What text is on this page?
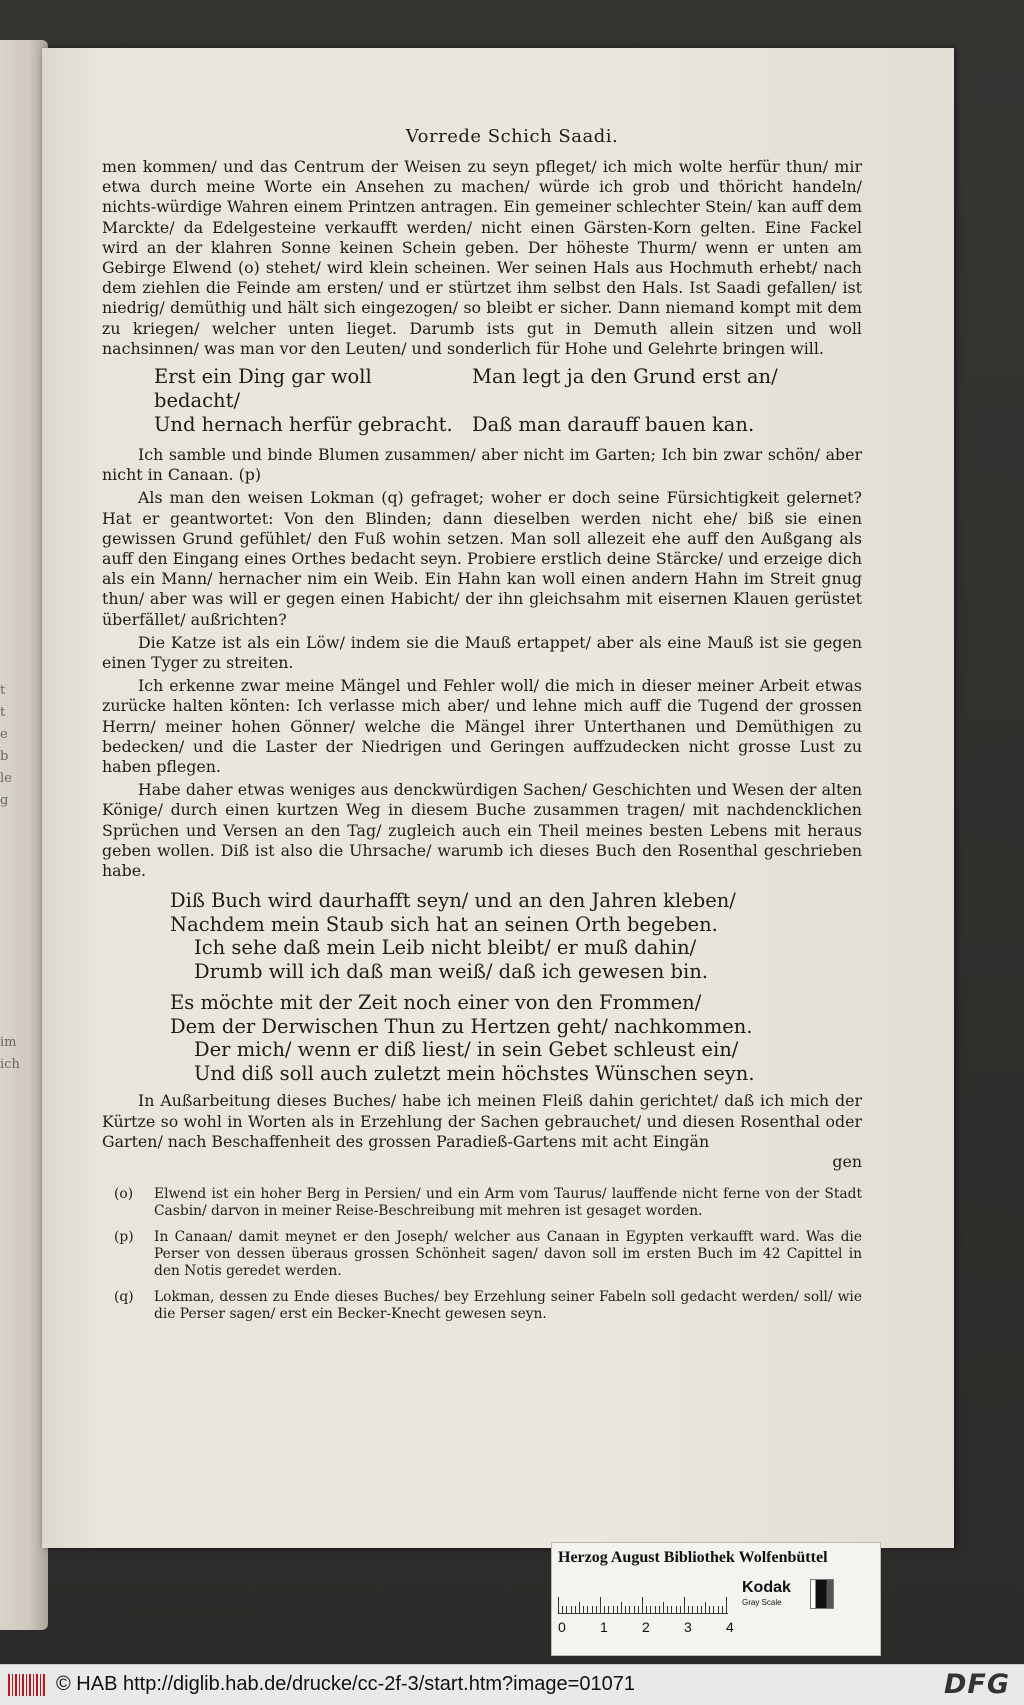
t
t
e
b
le
g
im
ich
Vorrede Schich Saadi.

men kommen/ und das Centrum der Weisen zu seyn pfleget/ ich mich wolte herfür thun/ mir etwa durch meine Worte ein Ansehen zu machen/ würde ich grob und thöricht handeln/ nichts-würdige Wahren einem Printzen antragen. Ein gemeiner schlechter Stein/ kan auff dem Marckte/ da Edelgesteine verkaufft werden/ nicht einen Gärsten-Korn gelten. Eine Fackel wird an der klahren Sonne keinen Schein geben. Der höheste Thurm/ wenn er unten am Gebirge Elwend (o) stehet/ wird klein scheinen. Wer seinen Hals aus Hochmuth erhebt/ nach dem ziehlen die Feinde am ersten/ und er stürtzet ihm selbst den Hals. Ist Saadi gefallen/ ist niedrig/ demüthig und hält sich eingezogen/ so bleibt er sicher. Dann niemand kompt mit dem zu kriegen/ welcher unten lieget. Darumb ists gut in Demuth allein sitzen und woll nachsinnen/ was man vor den Leuten/ und sonderlich für Hohe und Gelehrte bringen will.

Erst ein Ding gar woll bedacht/
Man legt ja den Grund erst an/
Und hernach herfür gebracht. Daß man darauff bauen kan.

Ich samble und binde Blumen zusammen/ aber nicht im Garten; Ich bin zwar schön/ aber nicht in Canaan. (p)

Als man den weisen Lokman (q) gefraget; woher er doch seine Fürsichtigkeit gelernet? Hat er geantwortet: Von den Blinden; dann dieselben werden nicht ehe/ biß sie einen gewissen Grund gefühlet/ den Fuß wohin setzen. Man soll allezeit ehe auff den Außgang als auff den Eingang eines Orthes bedacht seyn. Probiere erstlich deine Stärcke/ und erzeige dich als ein Mann/ hernacher nim ein Weib. Ein Hahn kan woll einen andern Hahn im Streit gnug thun/ aber was will er gegen einen Habicht/ der ihn gleichsahm mit eisernen Klauen gerüstet überfället/ außrichten?

Die Katze ist als ein Löw/ indem sie die Mauß ertappet/ aber als eine Mauß ist sie gegen einen Tyger zu streiten.

Ich erkenne zwar meine Mängel und Fehler woll/ die mich in dieser meiner Arbeit etwas zurücke halten könten: Ich verlasse mich aber/ und lehne mich auff die Tugend der grossen Herrn/ meiner hohen Gönner/ welche die Mängel ihrer Unterthanen und Demüthigen zu bedecken/ und die Laster der Niedrigen und Geringen auffzudecken nicht grosse Lust zu haben pflegen.

Habe daher etwas weniges aus denckwürdigen Sachen/ Geschichten und Wesen der alten Könige/ durch einen kurtzen Weg in diesem Buche zusammen tragen/ mit nachdencklichen Sprüchen und Versen an den Tag/ zugleich auch ein Theil meines besten Lebens mit heraus geben wollen. Diß ist also die Uhrsache/ warumb ich dieses Buch den Rosenthal geschrieben habe.

Diß Buch wird daurhafft seyn/ und an den Jahren kleben/
Nachdem mein Staub sich hat an seinen Orth begeben.
Ich sehe daß mein Leib nicht bleibt/ er muß dahin/
Drumb will ich daß man weiß/ daß ich gewesen bin.
Es möchte mit der Zeit noch einer von den Frommen/
Dem der Derwischen Thun zu Hertzen geht/ nachkommen.
Der mich/ wenn er diß liest/ in sein Gebet schleust ein/
Und diß soll auch zuletzt mein höchstes Wünschen seyn.

In Außarbeitung dieses Buches/ habe ich meinen Fleiß dahin gerichtet/ daß ich mich der Kürtze so wohl in Worten als in Erzehlung der Sachen gebrauchet/ und diesen Rosenthal oder Garten/ nach Beschaffenheit des grossen Paradieß-Gartens mit acht Eingän

gen

(o)	Elwend ist ein hoher Berg in Persien/ und ein Arm vom Taurus/ lauffende nicht ferne von der Stadt Casbin/ darvon in meiner Reise-Beschreibung mit mehren ist gesaget worden.
(p)	In Canaan/ damit meynet er den Joseph/ welcher aus Canaan in Egypten verkaufft ward. Was die Perser von dessen überaus grossen Schönheit sagen/ davon soll im ersten Buch im 42 Capittel in den Notis geredet werden.
(q)	Lokman, dessen zu Ende dieses Buches/ bey Erzehlung seiner Fabeln soll gedacht werden/ soll/ wie die Perser sagen/ erst ein Becker-Knecht gewesen seyn.
Herzog August Bibliothek Wolfenbüttel
0 1 2 3 4
Kodak
Gray Scale
© HAB http://diglib.hab.de/drucke/cc-2f-3/start.htm?image=01071	DFG
